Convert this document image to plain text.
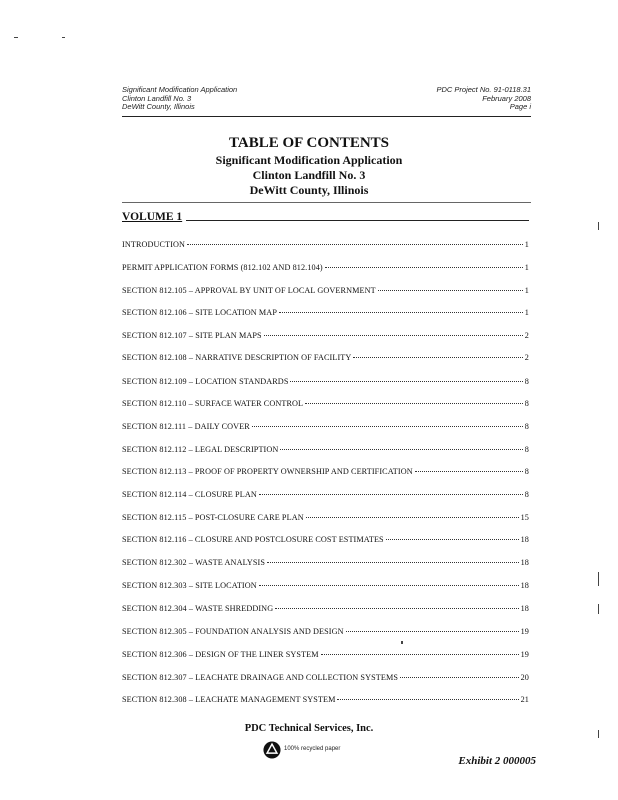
Significant Modification Application
Clinton Landfill No. 3
DeWitt County, Illinois
PDC Project No. 91-0118.31
February 2008
Page i
TABLE OF CONTENTS
Significant Modification Application
Clinton Landfill No. 3
DeWitt County, Illinois
VOLUME 1
INTRODUCTION	1
PERMIT APPLICATION FORMS (812.102 AND 812.104)	1
SECTION 812.105 – APPROVAL BY UNIT OF LOCAL GOVERNMENT	1
SECTION 812.106 – SITE LOCATION MAP	1
SECTION 812.107 – SITE PLAN MAPS	2
SECTION 812.108 – NARRATIVE DESCRIPTION OF FACILITY	2
SECTION 812.109 – LOCATION STANDARDS	8
SECTION 812.110 – SURFACE WATER CONTROL	8
SECTION 812.111 – DAILY COVER	8
SECTION 812.112 – LEGAL DESCRIPTION	8
SECTION 812.113 – PROOF OF PROPERTY OWNERSHIP AND CERTIFICATION	8
SECTION 812.114 – CLOSURE PLAN	8
SECTION 812.115 – POST-CLOSURE CARE PLAN	15
SECTION 812.116 – CLOSURE AND POSTCLOSURE COST ESTIMATES	18
SECTION 812.302 – WASTE ANALYSIS	18
SECTION 812.303 – SITE LOCATION	18
SECTION 812.304 – WASTE SHREDDING	18
SECTION 812.305 – FOUNDATION ANALYSIS AND DESIGN	19
SECTION 812.306 – DESIGN OF THE LINER SYSTEM	19
SECTION 812.307 – LEACHATE DRAINAGE AND COLLECTION SYSTEMS	20
SECTION 812.308 – LEACHATE MANAGEMENT SYSTEM	21
PDC Technical Services, Inc.
100% recycled paper
Exhibit 2 000005
